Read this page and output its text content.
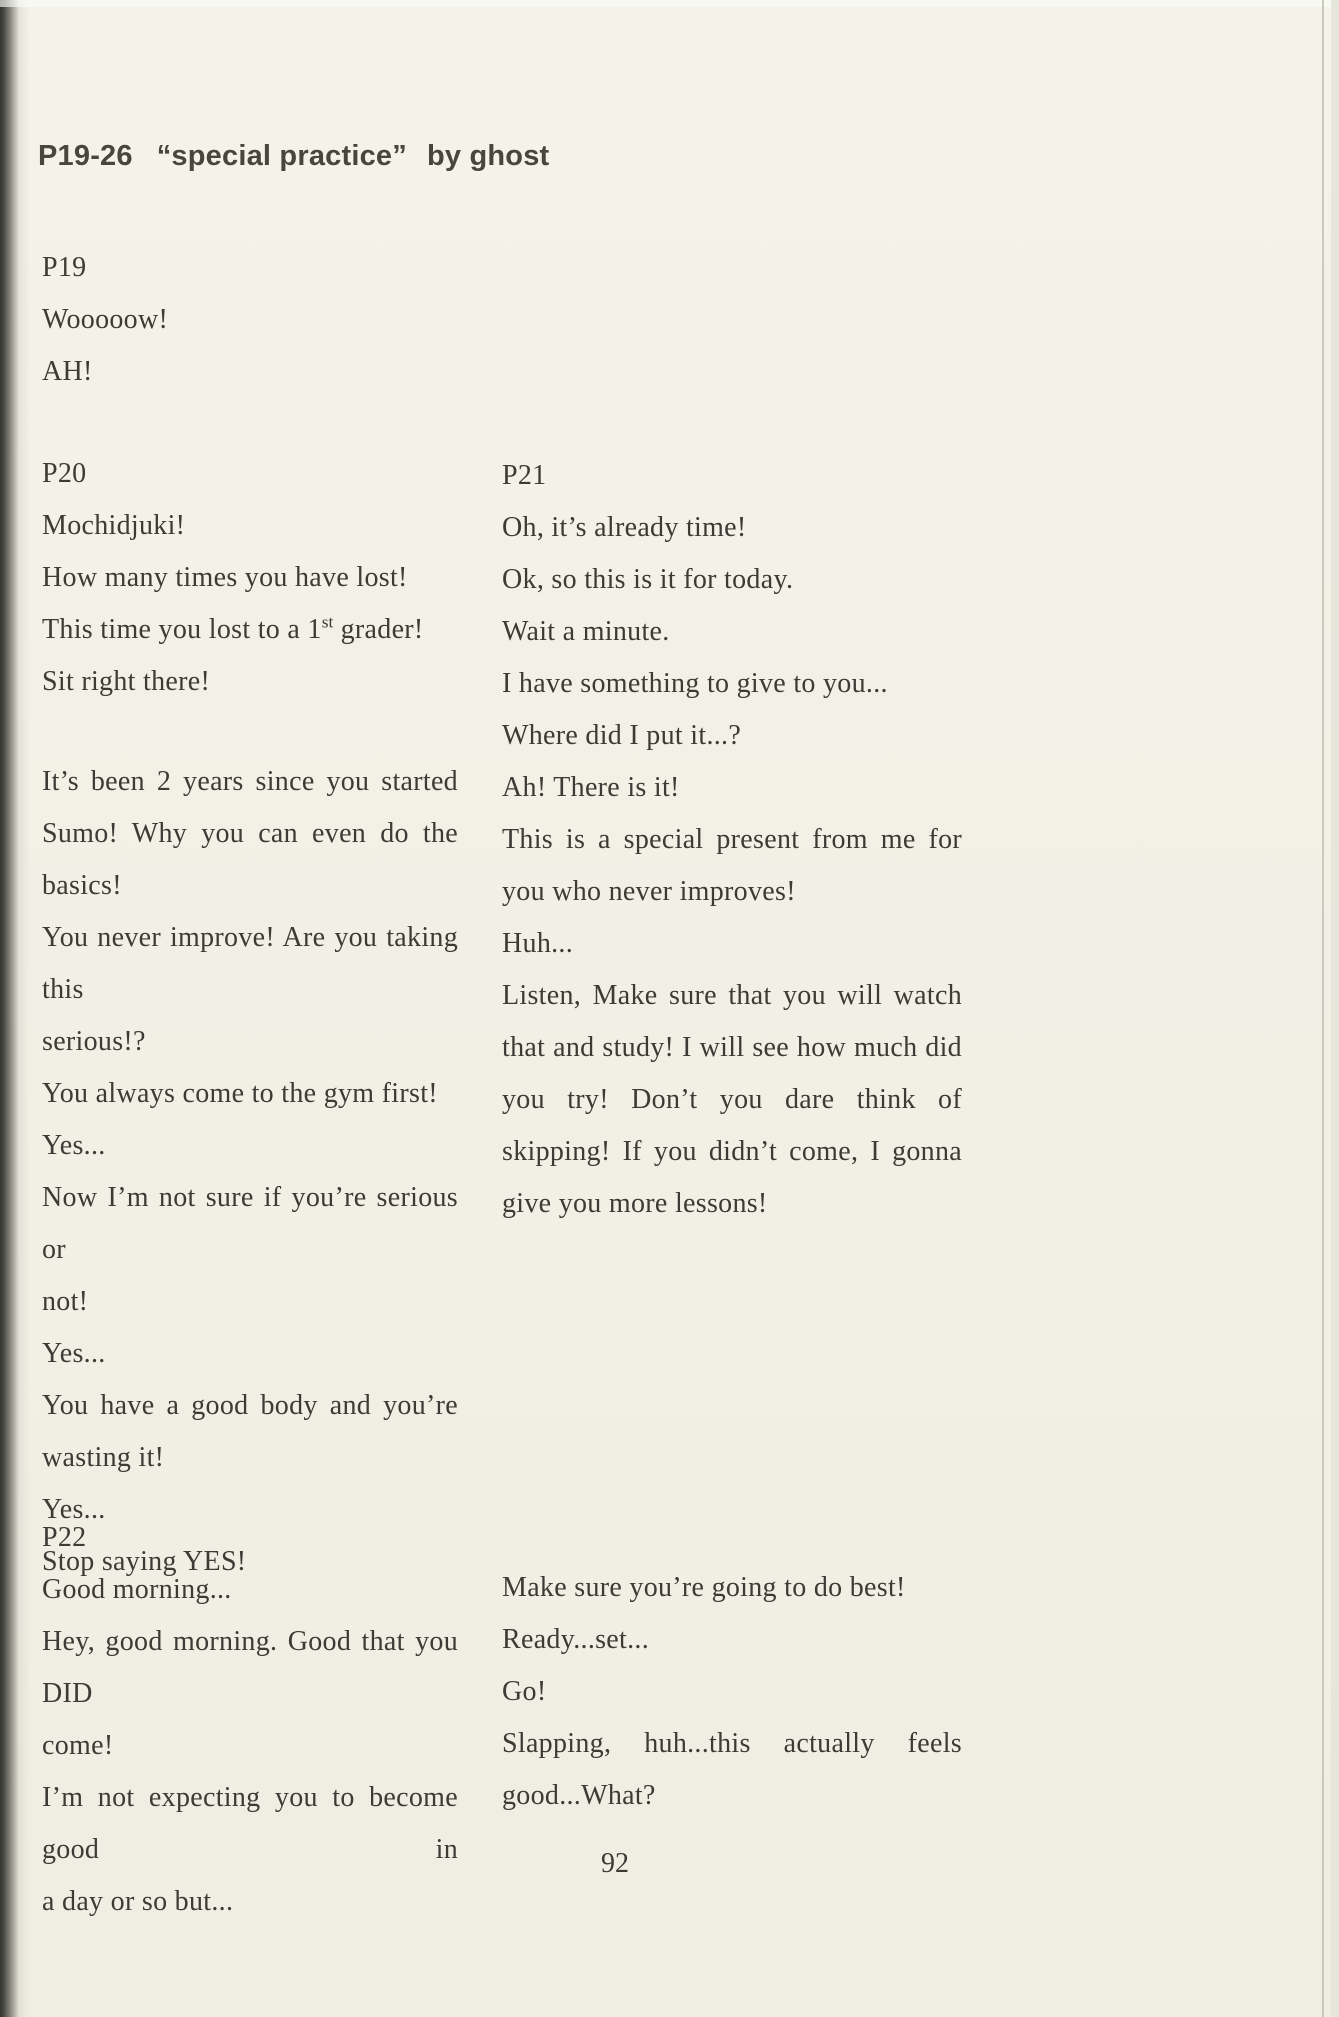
P19-26 “special practice” by ghost
P19
Wooooow!
AH!
P20
Mochidjuki!
How many times you have lost!
This time you lost to a 1st grader!
Sit right there!
It’s been 2 years since you started
Sumo! Why you can even do the basics!
You never improve! Are you taking this
serious!?
You always come to the gym first!
Yes...
Now I’m not sure if you’re serious or
not!
Yes...
You have a good body and you’re
wasting it!
Yes...
Stop saying YES!
P21
Oh, it’s already time!
Ok, so this is it for today.
Wait a minute.
I have something to give to you...
Where did I put it...?
Ah! There is it!
This is a special present from me for
you who never improves!
Huh...
Listen, Make sure that you will watch
that and study! I will see how much did
you try! Don’t you dare think of
skipping! If you didn’t come, I gonna
give you more lessons!
P22
Good morning...
Hey, good morning. Good that you DID
come!
I’m not expecting you to become good in
a day or so but...
Make sure you’re going to do best!
Ready...set...
Go!
Slapping, huh...this actually feels
good...What?
92
